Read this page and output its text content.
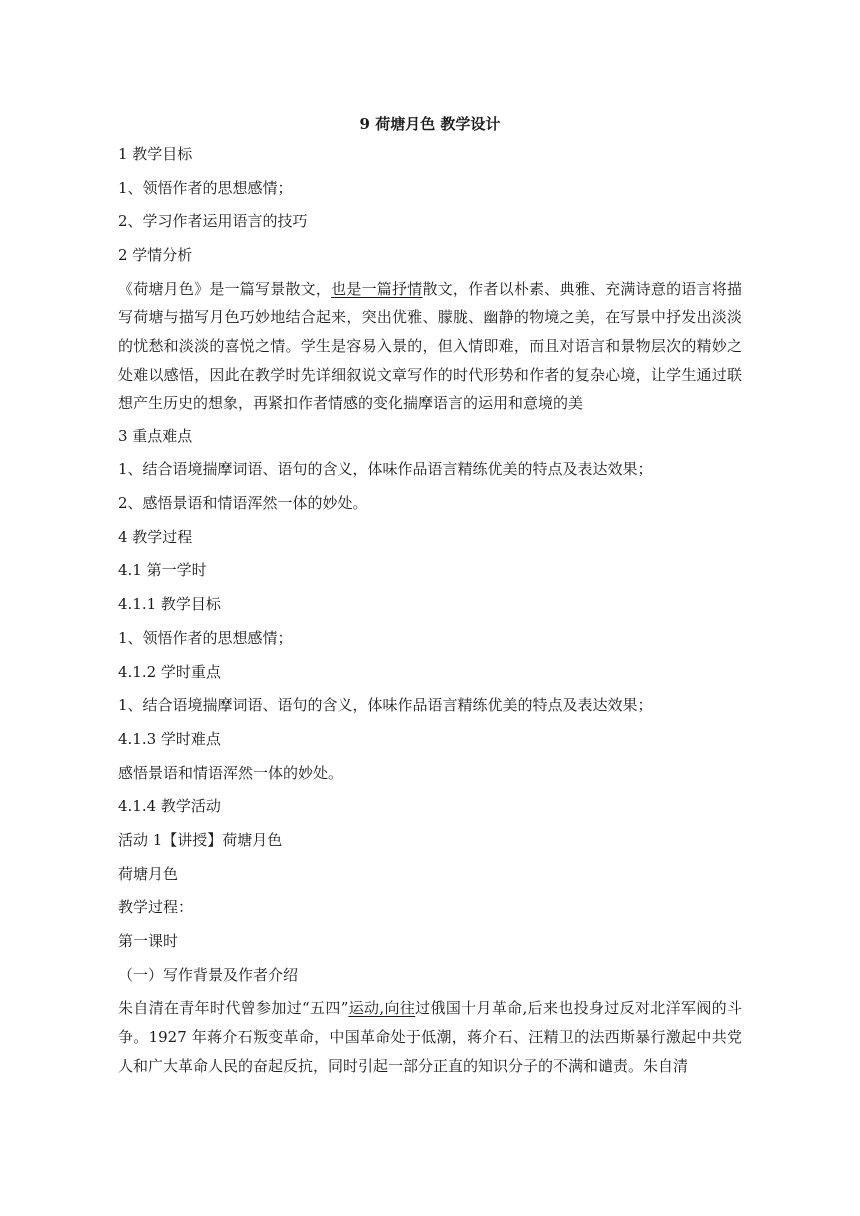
9 荷塘月色 教学设计
1 教学目标
1、领悟作者的思想感情；
2、学习作者运用语言的技巧
2 学情分析
《荷塘月色》是一篇写景散文，也是一篇抒情散文，作者以朴素、典雅、充满诗意的语言将描写荷塘与描写月色巧妙地结合起来，突出优雅、朦胧、幽静的物境之美，在写景中抒发出淡淡的忧愁和淡淡的喜悦之情。学生是容易入景的，但入情即难，而且对语言和景物层次的精妙之处难以感悟，因此在教学时先详细叙说文章写作的时代形势和作者的复杂心境，让学生通过联想产生历史的想象，再紧扣作者情感的变化揣摩语言的运用和意境的美
3 重点难点
1、结合语境揣摩词语、语句的含义，体味作品语言精练优美的特点及表达效果；
2、感悟景语和情语浑然一体的妙处。
4 教学过程
4.1 第一学时
4.1.1 教学目标
1、领悟作者的思想感情；
4.1.2 学时重点
1、结合语境揣摩词语、语句的含义，体味作品语言精练优美的特点及表达效果；
4.1.3 学时难点
感悟景语和情语浑然一体的妙处。
4.1.4 教学活动
活动 1【讲授】荷塘月色
荷塘月色
教学过程：
第一课时
（一）写作背景及作者介绍
朱自清在青年时代曾参加过“五四”运动,向往过俄国十月革命,后来也投身过反对北洋军阀的斗争。1927 年蒋介石叛变革命，中国革命处于低潮，蒋介石、汪精卫的法西斯暴行激起中共党人和广大革命人民的奋起反抗，同时引起一部分正直的知识分子的不满和谴责。朱自清
